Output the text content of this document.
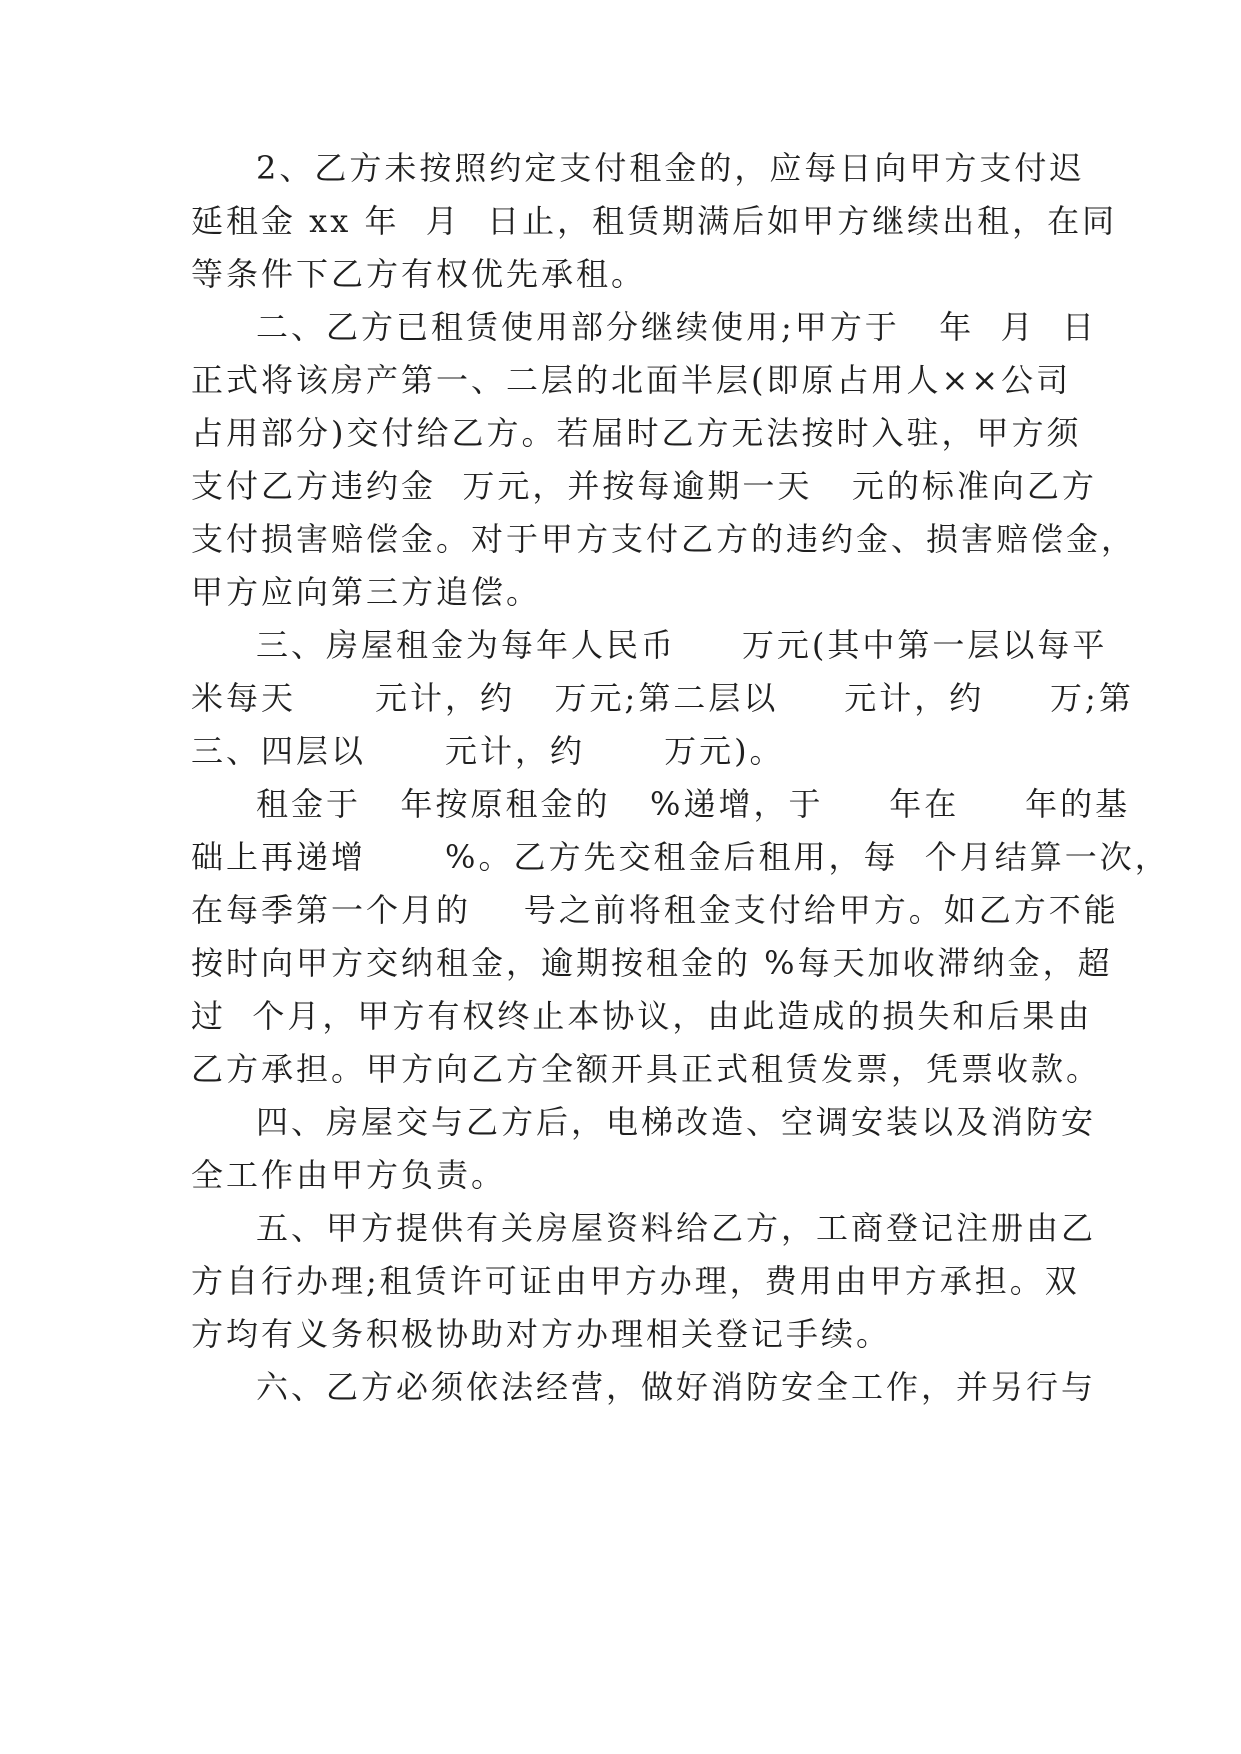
2、乙方未按照约定支付租金的，应每日向甲方支付迟

延租金 xx 年  月  日止，租赁期满后如甲方继续出租，在同

等条件下乙方有权优先承租。

二、乙方已租赁使用部分继续使用;甲方于   年  月  日

正式将该房产第一、二层的北面半层(即原占用人××公司

占用部分)交付给乙方。若届时乙方无法按时入驻，甲方须

支付乙方违约金  万元，并按每逾期一天   元的标准向乙方

支付损害赔偿金。对于甲方支付乙方的违约金、损害赔偿金，

甲方应向第三方追偿。

三、房屋租金为每年人民币     万元(其中第一层以每平

米每天      元计，约   万元;第二层以     元计，约     万;第

三、四层以      元计，约      万元)。

租金于   年按原租金的   %递增，于     年在     年的基

础上再递增      %。乙方先交租金后租用，每  个月结算一次，

在每季第一个月的    号之前将租金支付给甲方。如乙方不能

按时向甲方交纳租金，逾期按租金的 %每天加收滞纳金，超

过  个月，甲方有权终止本协议，由此造成的损失和后果由

乙方承担。甲方向乙方全额开具正式租赁发票，凭票收款。

四、房屋交与乙方后，电梯改造、空调安装以及消防安

全工作由甲方负责。

五、甲方提供有关房屋资料给乙方，工商登记注册由乙

方自行办理;租赁许可证由甲方办理，费用由甲方承担。双

方均有义务积极协助对方办理相关登记手续。

六、乙方必须依法经营，做好消防安全工作，并另行与
